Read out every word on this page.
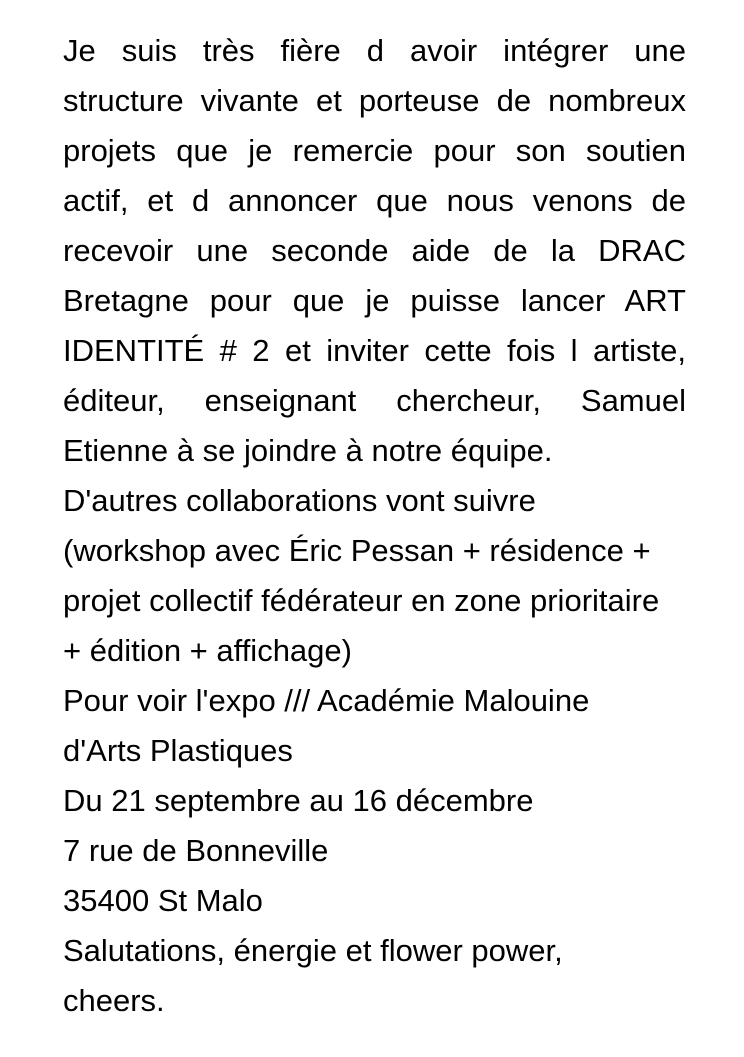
Je suis très fière d avoir intégrer une structure vivante et porteuse de nombreux projets que je remercie pour son soutien actif, et d annoncer que nous venons de recevoir une seconde aide de la DRAC Bretagne pour que je puisse lancer ART IDENTITÉ # 2 et inviter cette fois l artiste, éditeur, enseignant chercheur, Samuel Etienne à se joindre à notre équipe.

D'autres collaborations vont suivre

(workshop avec Éric Pessan + résidence +

projet collectif fédérateur en zone prioritaire

+ édition + affichage)

Pour voir l'expo /// Académie Malouine

d'Arts Plastiques

Du 21 septembre au 16 décembre

7 rue de Bonneville

35400 St Malo

Salutations, énergie et flower power,

cheers.
